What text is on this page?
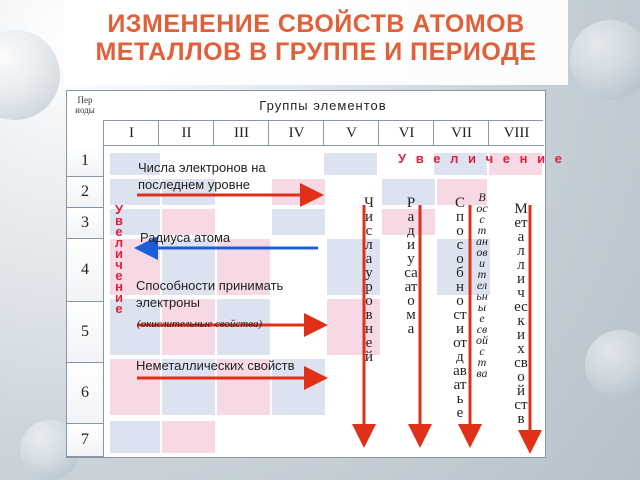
ИЗМЕНЕНИЕ СВОЙСТВ АТОМОВ МЕТАЛЛОВ В ГРУППЕ И ПЕРИОДЕ
Пер иоды	Группы элементов
I	II	III	IV	V	VI	VII	VIII
1
2
3
4
5
6
7
У в е л и ч е н и е
Увеличение
Числа электронов на последнем уровне
Радиуса атома
Способности принимать электроны
(окислительные свойства)
Неметаллических свойств
Числа уровней
Радиуса атома
Способности отдавать е
Восстановительные свойства
Металлических свойств
